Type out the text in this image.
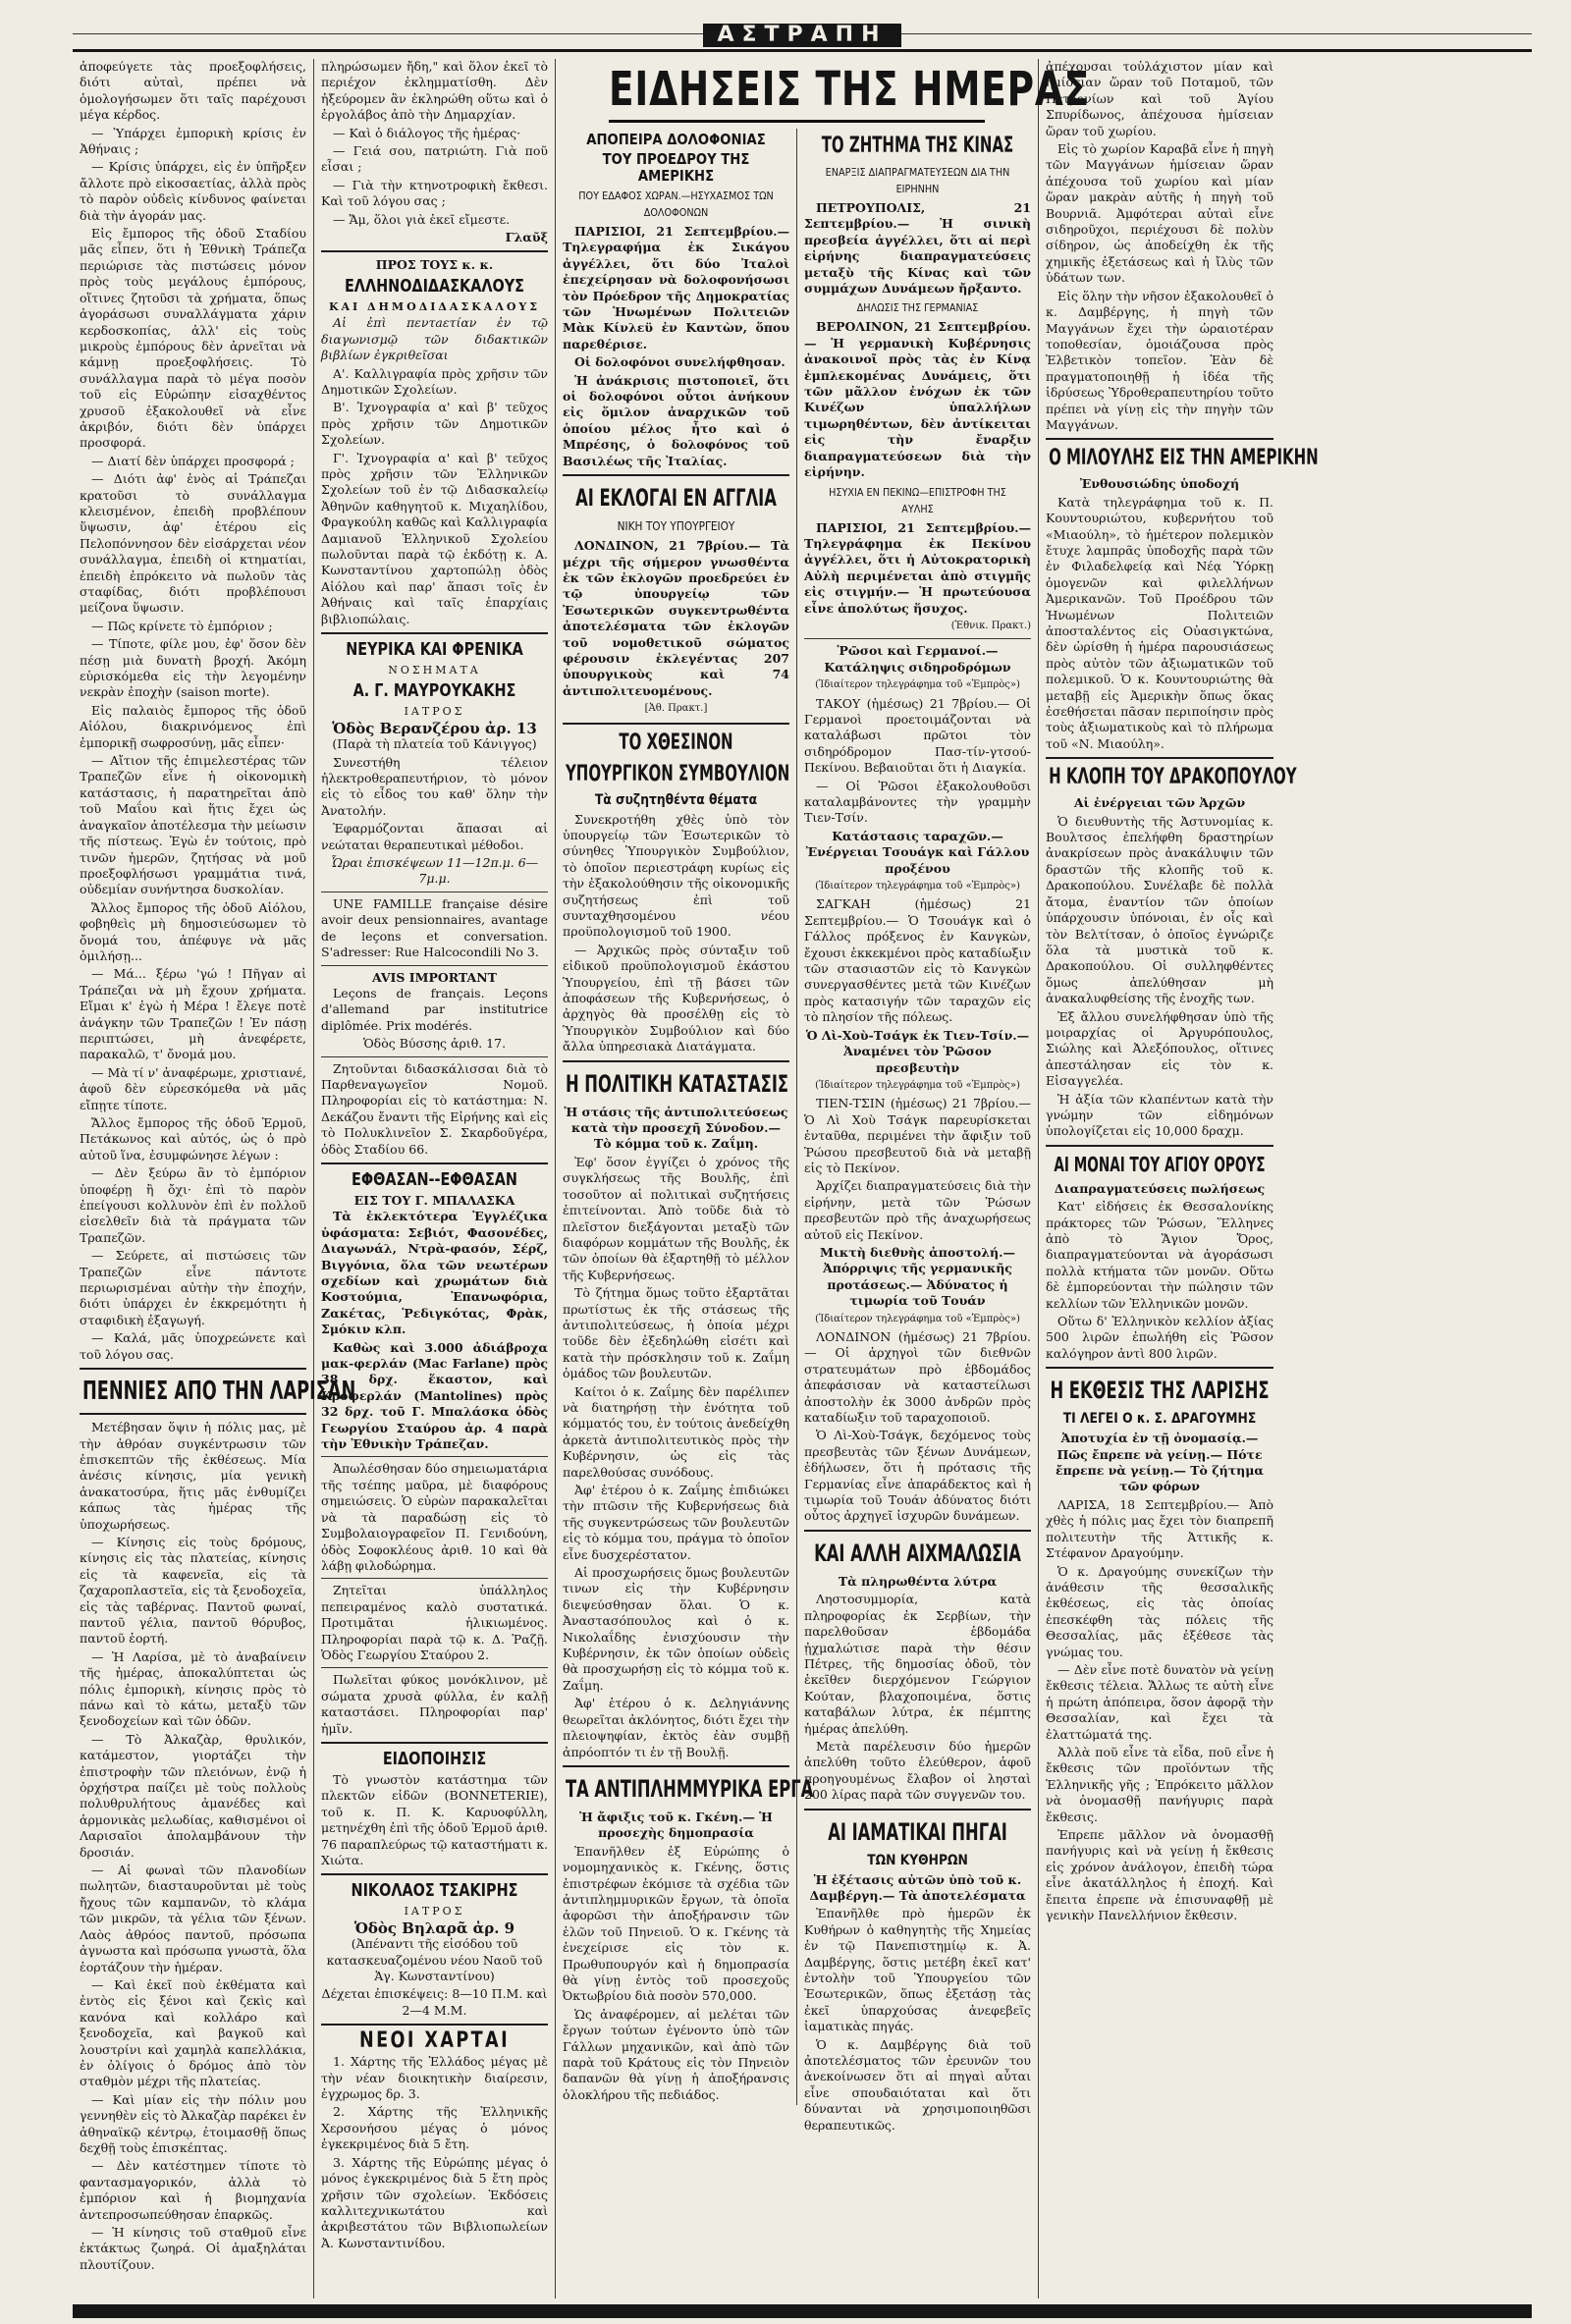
ΑΣΤΡΑΠΗ

ἀποφεύγετε τὰς προεξοφλήσεις, διότι αὐταὶ, πρέπει νὰ ὁμολογήσωμεν ὅτι ταῖς παρέχουσι μέγα κέρδος.

— Ὑπάρχει ἐμπορικὴ κρίσις ἐν Ἀθήναις ;

— Κρίσις ὑπάρχει, εἰς ἐν ὑπῆρξεν ἄλλοτε πρὸ εἰκοσαετίας, ἀλλὰ πρὸς τὸ παρὸν οὐδεὶς κίνδυνος φαίνεται διὰ τὴν ἀγοράν μας.

Εἰς ἔμπορος τῆς ὁδοῦ Σταδίου μᾶς εἶπεν, ὅτι ἡ Ἐθνικὴ Τράπεζα περιώρισε τὰς πιστώσεις μόνον πρὸς τοὺς μεγάλους ἐμπόρους, οἵτινες ζητοῦσι τὰ χρήματα, ὅπως ἀγοράσωσι συναλλάγματα χάριν κερδοσκοπίας, ἀλλ' εἰς τοὺς μικροὺς ἐμπόρους δὲν ἀρνεῖται νὰ κάμνῃ προεξοφλήσεις. Τὸ συνάλλαγμα παρὰ τὸ μέγα ποσὸν τοῦ εἰς Εὐρώπην εἰσαχθέντος χρυσοῦ ἐξακολουθεῖ νὰ εἶνε ἀκριβόν, διότι δὲν ὑπάρχει προσφορά.

— Διατί δὲν ὑπάρχει προσφορά ;

— Διότι ἀφ' ἑνὸς αἱ Τράπεζαι κρατοῦσι τὸ συνάλλαγμα κλεισμένον, ἐπειδὴ προβλέπουν ὕψωσιν, ἀφ' ἑτέρου εἰς Πελοπόννησον δὲν εἰσάρχεται νέον συνάλλαγμα, ἐπειδὴ οἱ κτηματίαι, ἐπειδὴ ἐπρόκειτο νὰ πωλοῦν τὰς σταφίδας, διότι προβλέπουσι μείζονα ὕψωσιν.

— Πῶς κρίνετε τὸ ἐμπόριον ;

— Τίποτε, φίλε μου, ἐφ' ὅσον δὲν πέσῃ μιὰ δυνατὴ βροχή. Ἀκόμη εὑρισκόμεθα εἰς τὴν λεγομένην νεκρὰν ἐποχὴν (saison morte).

Εἰς παλαιὸς ἔμπορος τῆς ὁδοῦ Αἰόλου, διακρινόμενος ἐπὶ ἐμπορικῇ σωφροσύνῃ, μᾶς εἶπεν·

— Αἴτιον τῆς ἐπιμελεστέρας τῶν Τραπεζῶν εἶνε ἡ οἰκονομικὴ κατάστασις, ἡ παρατηρεῖται ἀπὸ τοῦ Μαΐου καὶ ἥτις ἔχει ὡς ἀναγκαῖον ἀποτέλεσμα τὴν μείωσιν τῆς πίστεως. Ἐγὼ ἐν τούτοις, πρὸ τινῶν ἡμερῶν, ζητήσας νὰ μοῦ προεξοφλήσωσι γραμμάτια τινά, οὐδεμίαν συνήντησα δυσκολίαν.

Ἄλλος ἔμπορος τῆς ὁδοῦ Αἰόλου, φοβηθεὶς μὴ δημοσιεύσωμεν τὸ ὄνομά του, ἀπέφυγε νὰ μᾶς ὁμιλήσῃ...

— Μά... ξέρω 'γώ ! Πῆγαν αἱ Τράπεζαι νὰ μὴ ἔχουν χρήματα. Εἴμαι κ' ἐγὼ ἡ Μέρα ! ἔλεγε ποτὲ ἀνάγκην τῶν Τραπεζῶν ! Ἐν πάσῃ περιπτώσει, μὴ ἀνεφέρετε, παρακαλῶ, τ' ὄνομά μου.

— Μὰ τί ν' ἀναφέρωμε, χριστιανέ, ἀφοῦ δὲν εὑρεσκόμεθα νὰ μᾶς εἴπῃτε τίποτε.

Ἄλλος ἔμπορος τῆς ὁδοῦ Ἑρμοῦ, Πετάκωνος καὶ αὐτός, ὡς ὁ πρὸ αὐτοῦ ἵνα, ἐσυμφώνησε λέγων :

— Δὲν ξεύρω ἂν τὸ ἐμπόριον ὑποφέρῃ ἢ ὄχι· ἐπὶ τὸ παρὸν ἐπείγουσι κολλυνὸν ἐπὶ ἐν πολλοῦ εἰσελθεῖν διὰ τὰ πράγματα τῶν Τραπεζῶν.

— Σεύρετε, αἱ πιστώσεις τῶν Τραπεζῶν εἶνε πάντοτε περιωρισμέναι αὐτὴν τὴν ἐποχήν, διότι ὑπάρχει ἐν ἐκκρεμότητι ἡ σταφιδικὴ ἐξαγωγή.

— Καλά, μᾶς ὑποχρεώνετε καὶ τοῦ λόγου σας.

ΠΕΝΝΙΕΣ ΑΠΟ ΤΗΝ ΛΑΡΙΣΑΝ

Μετέβησαν ὅψιν ἡ πόλις μας, μὲ τὴν ἀθρόαν συγκέντρωσιν τῶν ἐπισκεπτῶν τῆς ἐκθέσεως. Μία ἀνέσις κίνησις, μία γενικὴ ἀνακατοσύρα, ἥτις μᾶς ἐνθυμίζει κάπως τὰς ἡμέρας τῆς ὑποχωρήσεως.

— Κίνησις εἰς τοὺς δρόμους, κίνησις εἰς τὰς πλατείας, κίνησις εἰς τὰ καφενεῖα, εἰς τὰ ζαχαροπλαστεῖα, εἰς τὰ ξενοδοχεῖα, εἰς τὰς ταβέρνας. Παντοῦ φωναί, παντοῦ γέλια, παντοῦ θόρυβος, παντοῦ ἑορτή.

— Ἡ Λαρίσα, μὲ τὸ ἀναβαίνειν τῆς ἡμέρας, ἀποκαλύπτεται ὡς πόλις ἐμπορικὴ, κίνησις πρὸς τὸ πάνω καὶ τὸ κάτω, μεταξὺ τῶν ξενοδοχείων καὶ τῶν ὁδῶν.

— Τὸ Ἀλκαζὰρ, θρυλικόν, κατάμεστον, γιορτάζει τὴν ἐπιστροφὴν τῶν πλειόνων, ἐνῷ ἡ ὀρχήστρα παίζει μὲ τοὺς πολλοὺς πολυθρυλήτους ἀμανέδες καὶ ἀρμονικὰς μελωδίας, καθισμένοι οἱ Λαρισαῖοι ἀπολαμβάνουν τὴν δροσιάν.

— Αἱ φωναὶ τῶν πλανοδίων πωλητῶν, διασταυροῦνται μὲ τοὺς ἤχους τῶν καμπανῶν, τὸ κλάμα τῶν μικρῶν, τὰ γέλια τῶν ξένων. Λαὸς ἀθρόος παντοῦ, πρόσωπα ἀγνωστα καὶ πρόσωπα γνωστὰ, ὅλα ἑορτάζουν τὴν ἡμέραν.

— Καὶ ἐκεῖ ποὺ ἐκθέματα καὶ ἐντὸς εἰς ξένοι καὶ ζεκὶς καὶ κανόνα καὶ κολλάρο καὶ ξενοδοχεῖα, καὶ βαγκοῦ καὶ λουστρίνι καὶ χαμηλὰ καπελλάκια, ἐν ὀλίγοις ὁ δρόμος ἀπὸ τὸν σταθμὸν μέχρι τῆς πλατείας.

— Καὶ μίαν εἰς τὴν πόλιν μου γεννηθὲν εἰς τὸ Ἀλκαζὰρ παρέκει ἐν ἀθηναϊκῷ κέντρῳ, ἐτοιμασθῇ ὅπως δεχθῇ τοὺς ἐπισκέπτας.

— Δὲν κατέστημεν τίποτε τὸ φαντασμαγορικόν, ἀλλὰ τὸ ἐμπόριον καὶ ἡ βιομηχανία ἀντεπροσωπεύθησαν ἐπαρκῶς.

— Ἡ κίνησις τοῦ σταθμοῦ εἶνε ἐκτάκτως ζωηρά. Οἱ ἁμαξηλάται πλουτίζουν.

πληρώσωμεν ἤδη," καὶ ὅλον ἐκεῖ τὸ περιέχον ἐκλημματίσθη. Δὲν ἠξεύρομεν ἂν ἐκληρώθη οὕτω καὶ ὁ ἐργολάβος ἀπὸ τὴν Δημαρχίαν.

— Καὶ ὁ διάλογος τῆς ἡμέρας·

— Γειά σου, πατριώτη. Γιὰ ποῦ εἶσαι ;

— Γιὰ τὴν κτηνοτροφικὴ ἔκθεσι. Καὶ τοῦ λόγου σας ;

— Ἄμ, ὅλοι γιὰ ἐκεῖ εἴμεστε.

Γλαῦξ

ΠΡΟΣ ΤΟΥΣ κ. κ.
ΕΛΛΗΝΟΔΙΔΑΣΚΑΛΟΥΣ
ΚΑΙ ΔΗΜΟΔΙΔΑΣΚΑΛΟΥΣ

Αἱ ἐπὶ πεντaετίαν ἐν τῷ διαγωνισμῷ τῶν διδακτικῶν βιβλίων ἐγκριθεῖσαι

Α'. Καλλιγραφία πρὸς χρῆσιν τῶν Δημοτικῶν Σχολείων.

Β'. Ἰχνογραφία α' καὶ β' τεῦχος πρὸς χρῆσιν τῶν Δημοτικῶν Σχολείων.

Γ'. Ἰχνογραφία α' καὶ β' τεῦχος πρὸς χρῆσιν τῶν Ἑλληνικῶν Σχολείων τοῦ ἐν τῷ Διδασκαλείῳ Ἀθηνῶν καθηγητοῦ κ. Μιχαηλίδου, Φραγκούλη καθῶς καὶ Καλλιγραφία Δαμιανοῦ Ἑλληνικοῦ Σχολείου πωλοῦνται παρὰ τῷ ἐκδότῃ κ. Α. Κωνσταντίνου χαρτοπώλῃ ὁδὸς Αἰόλου καὶ παρ' ἅπασι τοῖς ἐν Ἀθήναις καὶ ταῖς ἐπαρχίαις βιβλιοπώλαις.

ΝΕΥΡΙΚΑ ΚΑΙ ΦΡΕΝΙΚΑ
ΝΟΣΗΜΑΤΑ
Α. Γ. ΜΑΥΡΟΥΚΑΚΗΣ
ΙΑΤΡΟΣ
Ὁδὸς Βερανζέρου ἀρ. 13

(Παρὰ τὴ πλατεία τοῦ Κάνιγγος)

Συνεστήθη τέλειον ἠλεκτροθεραπευτήριον, τὸ μόνον εἰς τὸ εἶδος του καθ' ὅλην τὴν Ἀνατολήν.

Ἐφαρμόζονται ἅπασαι αἱ νεώταται θεραπευτικαὶ μέθοδοι.

Ὧραι ἐπισκέψεων 11—12π.μ. 6—7μ.μ.

UNE FAMILLE française désire avoir deux pensionnaires, avantage de leçons et conversation. S'adresser: Rue Halcocondili No 3.

AVIS IMPORTANT

Leçons de français. Leçons d'allemand par institutrice diplômée. Prix modérés.

Ὁδὸς Βύσσης ἀριθ. 17.

Ζητοῦνται διδασκάλισσαι διὰ τὸ Παρθεναγωγεῖον Νομοῦ. Πληροφορίαι εἰς τὸ κατάστημα: Ν. Δεκάζου ἔναντι τῆς Εἰρήνης καὶ εἰς τὸ Πολυκλινεῖον Σ. Σκαρδοῦγέρα, ὁδὸς Σταδίου 66.

ΕΦΘΑΣΑΝ--ΕΦΘΑΣΑΝ
ΕΙΣ ΤΟΥ Γ. ΜΠΑΛΑΣΚΑ

Τὰ ἐκλεκτότερα Ἐγγλέζικα ὑφάσματα: Σεβιότ, Φασονέδες, Διαγωνάλ, Ντρὰ-φασόν, Σέρζ, Βιγγόνια, ὅλα τῶν νεωτέρων σχεδίων καὶ χρωμάτων διὰ Κοστούμια, Ἐπανωφόρια, Ζακέτας, Ῥεδιγκότας, Φρὰκ, Σμόκιν κλπ.

Καθὼς καὶ 3.000 ἀδιάβροχα μακ-φερλάν (Mac Farlane) πρὸς 38 δρχ. ἕκαστον, καὶ Κροφερλάν (Mantolines) πρὸς 32 δρχ. τοῦ Γ. Μπαλάσκα ὁδὸς Γεωργίου Σταύρου ἀρ. 4 παρὰ τὴν Ἐθνικὴν Τράπεζαν.

Ἀπωλέσθησαν δύο σημειωματάρια τῆς τσέπης μαῦρα, μὲ διαφόρους σημειώσεις. Ὁ εὑρὼν παρακαλεῖται νὰ τὰ παραδώσῃ εἰς τὸ Συμβολαιογραφεῖον Π. Γενιδούνη, ὁδὸς Σοφοκλέους ἀριθ. 10 καὶ θὰ λάβῃ φιλοδώρημα.

Ζητεῖται ὑπάλληλος πεπειραμένος καλὸ συστατικά. Προτιμᾶται ἡλικιωμένος. Πληροφορίαι παρὰ τῷ κ. Δ. Ῥαζῇ. Ὁδὸς Γεωργίου Σταύρου 2.

Πωλεῖται φύκος μονόκλινον, μὲ σώματα χρυσὰ φύλλα, ἐν καλῇ καταστάσει. Πληροφορίαι παρ' ἡμῖν.

ΕΙΔΟΠΟΙΗΣΙΣ

Τὸ γνωστὸν κατάστημα τῶν πλεκτῶν εἰδῶν (BONNETERIE), τοῦ κ. Π. Κ. Καρυοφύλλη, μετηνέχθη ἐπὶ τῆς ὁδοῦ Ἑρμοῦ ἀριθ. 76 παραπλεύρως τῷ καταστήματι κ. Χιώτα.

ΝΙΚΟΛΑΟΣ ΤΣΑΚΙΡΗΣ
ΙΑΤΡΟΣ
Ὁδὸς Βηλαρᾶ ἀρ. 9

(Ἀπέναντι τῆς εἰσόδου τοῦ κατασκευαζομένου νέου Ναοῦ τοῦ Ἁγ. Κωνσταντίνου)

Δέχεται ἐπισκέψεις: 8—10 Π.Μ. καὶ 2—4 Μ.Μ.

ΝΕΟΙ ΧΑΡΤΑΙ

1. Χάρτης τῆς Ἑλλάδος μέγας μὲ τὴν νέαν διοικητικὴν διαίρεσιν, ἐγχρωμος δρ. 3.

2. Χάρτης τῆς Ἑλληνικῆς Χερσονήσου μέγας ὁ μόνος ἐγκεκριμένος διὰ 5 ἔτη.

3. Χάρτης τῆς Εὐρώπης μέγας ὁ μόνος ἐγκεκριμένος διὰ 5 ἔτη πρὸς χρῆσιν τῶν σχολείων. Ἐκδόσεις καλλιτεχνικωτάτου καὶ ἀκριβεστάτου τῶν Βιβλιοπωλείων Ἀ. Κωνσταντινίδου.

ΕΙΔΗΣΕΙΣ ΤΗΣ ΗΜΕΡΑΣ
ΑΠΟΠΕΙΡΑ ΔΟΛΟΦΟΝΙΑΣ
ΤΟΥ ΠΡΟΕΔΡΟΥ ΤΗΣ ΑΜΕΡΙΚΗΣ
ΠΟΥ ΕΔΑΦΟΣ ΧΩΡΑΝ.—ΗΣΥΧΑΣΜΟΣ ΤΩΝ ΔΟΛΟΦΟΝΩΝ

ΠΑΡΙΣΙΟΙ, 21 Σεπτεμβρίου.— Τηλεγραφήμα ἐκ Σικάγου ἀγγέλλει, ὅτι δύο Ἰταλοὶ ἐπεχείρησαν νὰ δολοφονήσωσι τὸν Πρόεδρον τῆς Δημοκρατίας τῶν Ἡνωμένων Πολιτειῶν Μὰκ Κίνλεϋ ἐν Καντὼν, ὅπου παρεθέρισε.

Οἱ δολοφόνοι συνελήφθησαν.

Ἡ ἀνάκρισις πιστοποιεῖ, ὅτι οἱ δολοφόνοι οὗτοι ἀνήκουν εἰς ὅμιλον ἀναρχικῶν τοῦ ὁποίου μέλος ἦτο καὶ ὁ Μπρέσης, ὁ δολοφόνος τοῦ Βασιλέως τῆς Ἰταλίας.

ΑΙ ΕΚΛΟΓΑΙ ΕΝ ΑΓΓΛΙΑ
ΝΙΚΗ ΤΟΥ ΥΠΟΥΡΓΕΙΟΥ

ΛΟΝΔΙΝΟΝ, 21 7βρίου.— Τὰ μέχρι τῆς σήμερον γνωσθέντα ἐκ τῶν ἐκλογῶν προεδρεύει ἐν τῷ ὑπουργείῳ τῶν Ἐσωτερικῶν συγκεντρωθέντα ἀποτελέσματα τῶν ἐκλογῶν τοῦ νομοθετικοῦ σώματος φέρουσιν ἐκλεγέντας 207 ὑπουργικοὺς καὶ 74 ἀντιπολιτευομένους.

[Ἀθ. Πρακτ.]

ΤΟ ΧΘΕΣΙΝΟΝ
ΥΠΟΥΡΓΙΚΟΝ ΣΥΜΒΟΥΛΙΟΝ
Τὰ συζητηθέντα θέματα

Συνεκροτήθη χθὲς ὑπὸ τὸν ὑπουργείῳ τῶν Ἐσωτερικῶν τὸ σύνηθες Ὑπουργικὸν Συμβούλιον, τὸ ὁποῖον περιεστράφη κυρίως εἰς τὴν ἐξακολούθησιν τῆς οἰκονομικῆς συζητήσεως ἐπὶ τοῦ συνταχθησομένου νέου προϋπολογισμοῦ τοῦ 1900.

— Ἀρχικῶς πρὸς σύνταξιν τοῦ εἰδικοῦ προϋπολογισμοῦ ἑκάστου Ὑπουργείου, ἐπὶ τῇ βάσει τῶν ἀποφάσεων τῆς Κυβερνήσεως, ὁ ἀρχηγὸς θὰ προσέλθῃ εἰς τὸ Ὑπουργικὸν Συμβούλιον καὶ δύο ἄλλα ὑπηρεσιακὰ Διατάγματα.

Η ΠΟΛΙΤΙΚΗ ΚΑΤΑΣΤΑΣΙΣ

Ἡ στάσις τῆς ἀντιπολιτεύσεως κατὰ τὴν προσεχῆ Σύνοδον.— Τὸ κόμμα τοῦ κ. Ζαΐμη.

Ἐφ' ὅσον ἐγγίζει ὁ χρόνος τῆς συγκλήσεως τῆς Βουλῆς, ἐπὶ τοσοῦτον αἱ πολιτικαὶ συζητήσεις ἐπιτείνονται. Ἀπὸ τοῦδε διὰ τὸ πλεῖστον διεξάγονται μεταξὺ τῶν διαφόρων κομμάτων τῆς Βουλῆς, ἐκ τῶν ὁποίων θὰ ἐξαρτηθῇ τὸ μέλλον τῆς Κυβερνήσεως.

Τὸ ζήτημα ὅμως τοῦτο ἐξαρτᾶται πρωτίστως ἐκ τῆς στάσεως τῆς ἀντιπολιτεύσεως, ἡ ὁποία μέχρι τοῦδε δὲν ἐξεδηλώθη εἰσέτι καὶ κατὰ τὴν πρόσκλησιν τοῦ κ. Ζαΐμη ὁμάδος τῶν βουλευτῶν.

Καίτοι ὁ κ. Ζαΐμης δὲν παρέλιπεν νὰ διατηρήσῃ τὴν ἐνότητα τοῦ κόμματός του, ἐν τούτοις ἀνεδείχθη ἀρκετὰ ἀντιπολιτευτικὸς πρὸς τὴν Κυβέρνησιν, ὡς εἰς τὰς παρελθούσας συνόδους.

Ἀφ' ἑτέρου ὁ κ. Ζαΐμης ἐπιδιώκει τὴν πτῶσιν τῆς Κυβερνήσεως διὰ τῆς συγκεντρώσεως τῶν βουλευτῶν εἰς τὸ κόμμα του, πράγμα τὸ ὁποῖον εἶνε δυσχερέστατον.

Αἱ προσχωρήσεις ὅμως βουλευτῶν τινων εἰς τὴν Κυβέρνησιν διεψεύσθησαν ὅλαι. Ὁ κ. Ἀναστασόπουλος καὶ ὁ κ. Νικολαΐδης ἐνισχύουσιν τὴν Κυβέρνησιν, ἐκ τῶν ὁποίων οὐδεὶς θὰ προσχωρήσῃ εἰς τὸ κόμμα τοῦ κ. Ζαΐμη.

Ἀφ' ἑτέρου ὁ κ. Δεληγιάννης θεωρεῖται ἀκλόνητος, διότι ἔχει τὴν πλειοψηφίαν, ἐκτὸς ἐὰν συμβῇ ἀπρόοπτόν τι ἐν τῇ Βουλῇ.

ΤΑ ΑΝΤΙΠΛΗΜΜΥΡΙΚΑ ΕΡΓΑ

Ἡ ἄφιξις τοῦ κ. Γκένη.— Ἡ προσεχὴς δημοπρασία

Ἐπανῆλθεν ἐξ Εὐρώπης ὁ νομομηχανικὸς κ. Γκένης, ὅστις ἐπιστρέφων ἐκόμισε τὰ σχέδια τῶν ἀντιπλημμυρικῶν ἔργων, τὰ ὁποῖα ἀφορῶσι τὴν ἀποξήρανσιν τῶν ἑλῶν τοῦ Πηνειοῦ. Ὁ κ. Γκένης τὰ ἐνεχείρισε εἰς τὸν κ. Πρωθυπουργόν καὶ ἡ δημοπρασία θὰ γίνῃ ἐντὸς τοῦ προσεχοῦς Ὀκτωβρίου διὰ ποσὸν 570,000.

Ὡς ἀναφέρομεν, αἱ μελέται τῶν ἔργων τούτων ἐγένοντο ὑπὸ τῶν Γάλλων μηχανικῶν, καὶ ἀπὸ τῶν παρὰ τοῦ Κράτους εἰς τὸν Πηνειὸν δαπανῶν θὰ γίνῃ ἡ ἀποξήρανσις ὁλοκλήρου τῆς πεδιάδος.

ΤΟ ΖΗΤΗΜΑ ΤΗΣ ΚΙΝΑΣ
ΕΝΑΡΞΙΣ ΔΙΑΠΡΑΓΜΑΤΕΥΣΕΩΝ ΔΙΑ ΤΗΝ ΕΙΡΗΝΗΝ

ΠΕΤΡΟΥΠΟΛΙΣ, 21 Σεπτεμβρίου.— Ἡ σινικὴ πρεσβεία ἀγγέλλει, ὅτι αἱ περὶ εἰρήνης διαπραγματεύσεις μεταξὺ τῆς Κίνας καὶ τῶν συμμάχων Δυνάμεων ἤρξαντο.

ΔΗΛΩΣΙΣ ΤΗΣ ΓΕΡΜΑΝΙΑΣ

ΒΕΡΟΛΙΝΟΝ, 21 Σεπτεμβρίου.— Ἡ γερμανικὴ Κυβέρνησις ἀνακοινοῖ πρὸς τὰς ἐν Κίνᾳ ἐμπλεκομένας Δυνάμεις, ὅτι τῶν μᾶλλον ἐνόχων ἐκ τῶν Κινέζων ὑπαλλήλων τιμωρηθέντων, δὲν ἀντίκειται εἰς τὴν ἔναρξιν διαπραγματεύσεων διὰ τὴν εἰρήνην.

ΗΣΥΧΙΑ ΕΝ ΠΕΚΙΝΩ—ΕΠΙΣΤΡΟΦΗ ΤΗΣ ΑΥΛΗΣ

ΠΑΡΙΣΙΟΙ, 21 Σεπτεμβρίου.— Τηλεγράφημα ἐκ Πεκίνου ἀγγέλλει, ὅτι ἡ Αὐτοκρατορικὴ Αὐλὴ περιμένεται ἀπὸ στιγμῆς εἰς στιγμήν.— Ἡ πρωτεύουσα εἶνε ἀπολύτως ἥσυχος.

(Ἐθνικ. Πρακτ.)

Ῥῶσοι καὶ Γερμανοί.— Κατάληψις σιδηροδρόμων

(Ἰδιαίτερον τηλεγράφημα τοῦ «Ἐμπρὸς»)

ΤΑΚΟΥ (ἡμέσως) 21 7βρίου.— Οἱ Γερμανοὶ προετοιμάζονται νὰ καταλάβωσι πρῶτοι τὸν σιδηρόδρομον Πασ-τίν-γτσού-Πεκίνου. Βεβαιοῦται ὅτι ἡ Διαγκία.

— Οἱ Ῥῶσοι ἐξακολουθοῦσι καταλαμβάνοντες τὴν γραμμὴν Τιεν-Τσίν.

Κατάστασις ταραχῶν.— Ἐνέργειαι Τσουάγκ καὶ Γάλλου προξένου

(Ἰδιαίτερον τηλεγράφημα τοῦ «Ἐμπρὸς»)

ΣΑΓΚΑΗ (ἡμέσως) 21 Σεπτεμβρίου.— Ὁ Τσουάγκ καὶ ὁ Γάλλος πρόξενος ἐν Κανγκὼν, ἔχουσι ἐκκεκμένοι πρὸς καταδίωξιν τῶν στασιαστῶν εἰς τὸ Κανγκὼν συνεργασθέντες μετὰ τῶν Κινέζων πρὸς κατασιγήν τῶν ταραχῶν εἰς τὸ πλησίον τῆς πόλεως.

Ὁ Λὶ-Χοὺ-Τσάγκ ἐκ Τιεν-Τσίν.— Ἀναμένει τὸν Ῥῶσον πρεσβευτὴν

(Ἰδιαίτερον τηλεγράφημα τοῦ «Ἐμπρὸς»)

ΤΙΕΝ-ΤΣΙΝ (ἡμέσως) 21 7βρίου.— Ὁ Λὶ Χοὺ Τσάγκ παρευρίσκεται ἐνταῦθα, περιμένει τὴν ἄφιξιν τοῦ Ῥώσου πρεσβευτοῦ διὰ νὰ μεταβῇ εἰς τὸ Πεκίνον.

Ἀρχίζει διαπραγματεύσεις διὰ τὴν εἰρήνην, μετὰ τῶν Ῥώσων πρεσβευτῶν πρὸ τῆς ἀναχωρήσεως αὐτοῦ εἰς Πεκίνον.

Μικτὴ διεθνὴς ἀποστολή.— Ἀπόρριψις τῆς γερμανικῆς προτάσεως.— Ἀδύνατος ἡ τιμωρία τοῦ Τουάν

(Ἰδιαίτερον τηλεγράφημα τοῦ «Ἐμπρὸς»)

ΛΟΝΔΙΝΟΝ (ἡμέσως) 21 7βρίου.— Οἱ ἀρχηγοὶ τῶν διεθνῶν στρατευμάτων πρὸ ἑβδομάδος ἀπεφάσισαν νὰ καταστείλωσι ἀποστολὴν ἐκ 3000 ἀνδρῶν πρὸς καταδίωξιν τοῦ ταραχοποιοῦ.

Ὁ Λὶ-Χοὺ-Τσάγκ, δεχόμενος τοὺς πρεσβευτὰς τῶν ξένων Δυνάμεων, ἐδήλωσεν, ὅτι ἡ πρότασις τῆς Γερμανίας εἶνε ἀπαράδεκτος καὶ ἡ τιμωρία τοῦ Τουάν ἀδύνατος διότι οὗτος ἀρχηγεῖ ἰσχυρῶν δυνάμεων.

ΚΑΙ ΑΛΛΗ ΑΙΧΜΑΛΩΣΙΑ

Τὰ πληρωθέντα λύτρα

Ληστοσυμμορία, κατὰ πληροφορίας ἐκ Σερβίων, τὴν παρελθοῦσαν ἑβδομάδα ᾐχμαλώτισε παρὰ τὴν θέσιν Πέτρες, τῆς δημοσίας ὁδοῦ, τὸν ἐκεῖθεν διερχόμενον Γεώργιον Κούταν, βλαχοποιμένα, ὅστις καταβάλων λύτρα, ἐκ πέμπτης ἡμέρας ἀπελύθη.

Μετὰ παρέλευσιν δύο ἡμερῶν ἀπελύθη τοῦτο ἐλεύθερον, ἀφοῦ προηγουμένως ἔλαβον οἱ λησταὶ 200 λίρας παρὰ τῶν συγγενῶν του.

ΑΙ ΙΑΜΑΤΙΚΑΙ ΠΗΓΑΙ
ΤΩΝ ΚΥΘΗΡΩΝ

Ἡ ἐξέτασις αὐτῶν ὑπὸ τοῦ κ. Δαμβέργη.— Τὰ ἀποτελέσματα

Ἐπανῆλθε πρὸ ἡμερῶν ἐκ Κυθήρων ὁ καθηγητὴς τῆς Χημείας ἐν τῷ Πανεπιστημίῳ κ. Ἀ. Δαμβέργης, ὅστις μετέβη ἐκεῖ κατ' ἐντολὴν τοῦ Ὑπουργείου τῶν Ἐσωτερικῶν, ὅπως ἐξετάσῃ τὰς ἐκεῖ ὑπαρχούσας ἀνεφεβεῖς ἰαματικὰς πηγάς.

Ὁ κ. Δαμβέργης διὰ τοῦ ἀποτελέσματος τῶν ἐρευνῶν του ἀνεκοίνωσεν ὅτι αἱ πηγαὶ αὗται εἶνε σπουδαιόταται καὶ ὅτι δύνανται νὰ χρησιμοποιηθῶσι θεραπευτικῶς.

ἀπέχουσαι τοὐλάχιστον μίαν καὶ ἡμίσειαν ὥραν τοῦ Ποταμοῦ, τῶν Πετρονίων καὶ τοῦ Ἁγίου Σπυρίδωνος, ἀπέχουσα ἡμίσειαν ὥραν τοῦ χωρίου.

Εἰς τὸ χωρίον Καραβᾶ εἶνε ἡ πηγὴ τῶν Μαγγάνων ἡμίσειαν ὥραν ἀπέχουσα τοῦ χωρίου καὶ μίαν ὥραν μακρὰν αὐτῆς ἡ πηγὴ τοῦ Βουρνιᾶ. Ἀμφότεραι αὐταὶ εἶνε σιδηροῦχοι, περιέχουσι δὲ πολὺν σίδηρον, ὡς ἀποδείχθη ἐκ τῆς χημικῆς ἐξετάσεως καὶ ἡ ἴλὺς τῶν ὑδάτων των.

Εἰς ὅλην τὴν νῆσον ἐξακολουθεῖ ὁ κ. Δαμβέργης, ἡ πηγὴ τῶν Μαγγάνων ἔχει τὴν ὡραιοτέραν τοποθεσίαν, ὁμοιάζουσα πρὸς Ἑλβετικὸν τοπεῖον. Ἐὰν δὲ πραγματοποιηθῇ ἡ ἰδέα τῆς ἱδρύσεως Ὑδροθεραπευτηρίου τοῦτο πρέπει νὰ γίνῃ εἰς τὴν πηγὴν τῶν Μαγγάνων.

Ο ΜΙΛΟΥΛΗΣ ΕΙΣ ΤΗΝ ΑΜΕΡΙΚΗΝ

Ἐνθουσιώδης ὑποδοχή

Κατὰ τηλεγράφημα τοῦ κ. Π. Κουντουριώτου, κυβερνήτου τοῦ «Μιαούλη», τὸ ἡμέτερον πολεμικὸν ἔτυχε λαμπρᾶς ὑποδοχῆς παρὰ τῶν ἐν Φιλαδελφείᾳ καὶ Νέᾳ Ὑόρκῃ ὁμογενῶν καὶ φιλελλήνων Ἀμερικανῶν. Τοῦ Προέδρου τῶν Ἡνωμένων Πολιτειῶν ἀποσταλέντος εἰς Οὐασιγκτώνα, δὲν ὡρίσθη ἡ ἡμέρα παρουσιάσεως πρὸς αὐτὸν τῶν ἀξιωματικῶν τοῦ πολεμικοῦ. Ὁ κ. Κουντουριώτης θὰ μεταβῇ εἰς Ἀμερικὴν ὅπως ὅκας ἐσεθήσεται πᾶσαν περιποίησιν πρὸς τοὺς ἀξιωματικοὺς καὶ τὸ πλήρωμα τοῦ «Ν. Μιαούλη».

Η ΚΛΟΠΗ ΤΟΥ ΔΡΑΚΟΠΟΥΛΟΥ

Αἱ ἐνέργειαι τῶν Ἀρχῶν

Ὁ διευθυντὴς τῆς Ἀστυνομίας κ. Βουλτσος ἐπελήφθη δραστηρίων ἀνακρίσεων πρὸς ἀνακάλυψιν τῶν δραστῶν τῆς κλοπῆς τοῦ κ. Δρακοπούλου. Συνέλαβε δὲ πολλὰ ἄτομα, ἐναντίον τῶν ὁποίων ὑπάρχουσιν ὑπόνοιαι, ἐν οἷς καὶ τὸν Βελτίτσαν, ὁ ὁποῖος ἐγνώριζε ὅλα τὰ μυστικὰ τοῦ κ. Δρακοπούλου. Οἱ συλληφθέντες ὅμως ἀπελύθησαν μὴ ἀνακαλυφθείσης τῆς ἐνοχῆς των.

Ἐξ ἄλλου συνελήφθησαν ὑπὸ τῆς μοιραρχίας οἱ Ἀργυρόπουλος, Σιώλης καὶ Ἀλεξόπουλος, οἵτινες ἀπεστάλησαν εἰς τὸν κ. Εἰσαγγελέα.

Ἡ ἀξία τῶν κλαπέντων κατὰ τὴν γνώμην τῶν εἰδημόνων ὑπολογίζεται εἰς 10,000 δραχμ.

ΑΙ ΜΟΝΑΙ ΤΟΥ ΑΓΙΟΥ ΟΡΟΥΣ

Διαπραγματεύσεις πωλήσεως

Κατ' εἰδήσεις ἐκ Θεσσαλονίκης πράκτορες τῶν Ῥώσων, Ἕλληνες ἀπὸ τὸ Ἅγιον Ὄρος, διαπραγματεύονται νὰ ἀγοράσωσι πολλὰ κτήματα τῶν μονῶν. Οὕτω δὲ ἐμπορεύονται τὴν πώλησιν τῶν κελλίων τῶν Ἑλληνικῶν μονῶν.

Οὕτω δ' Ἑλληνικὸν κελλίον ἀξίας 500 λιρῶν ἐπωλήθη εἰς Ῥῶσον καλόγηρον ἀντὶ 800 λιρῶν.

Η ΕΚΘΕΣΙΣ ΤΗΣ ΛΑΡΙΣΗΣ
ΤΙ ΛΕΓΕΙ Ο κ. Σ. ΔΡΑΓΟΥΜΗΣ

Ἀποτυχία ἐν τῇ ὀνομασίᾳ.— Πῶς ἔπρεπε νὰ γείνῃ.— Πότε ἔπρεπε νὰ γείνῃ.— Τὸ ζήτημα τῶν φόρων

ΛΑΡΙΣΑ, 18 Σεπτεμβρίου.— Ἀπὸ χθὲς ἡ πόλις μας ἔχει τὸν διαπρεπῆ πολιτευτὴν τῆς Ἀττικῆς κ. Στέφανον Δραγούμην.

Ὁ κ. Δραγούμης συνεκίζων τὴν ἀνάθεσιν τῆς θεσσαλικῆς ἐκθέσεως, εἰς τὰς ὁποίας ἐπεσκέφθη τὰς πόλεις τῆς Θεσσαλίας, μᾶς ἐξέθεσε τὰς γνώμας του.

— Δὲν εἶνε ποτὲ δυνατὸν νὰ γείνῃ ἔκθεσις τέλεια. Ἄλλως τε αὐτὴ εἶνε ἡ πρώτη ἀπόπειρα, ὅσον ἀφορᾷ τὴν Θεσσαλίαν, καὶ ἔχει τὰ ἐλαττώματά της.

Ἀλλὰ ποῦ εἶνε τὰ εἶδα, ποῦ εἶνε ἡ ἔκθεσις τῶν προϊόντων τῆς Ἑλληνικῆς γῆς ; Ἐπρόκειτο μᾶλλον νὰ ὀνομασθῇ πανήγυρις παρὰ ἔκθεσις.

Ἐπρεπε μᾶλλον νὰ ὀνομασθῇ πανήγυρις καὶ νὰ γείνῃ ἡ ἔκθεσις εἰς χρόνον ἀνάλογον, ἐπειδὴ τώρα εἶνε ἀκατάλληλος ἡ ἐποχή. Καὶ ἔπειτα ἐπρεπε νὰ ἐπισυναφθῇ μὲ γενικὴν Πανελλήνιον ἔκθεσιν.
